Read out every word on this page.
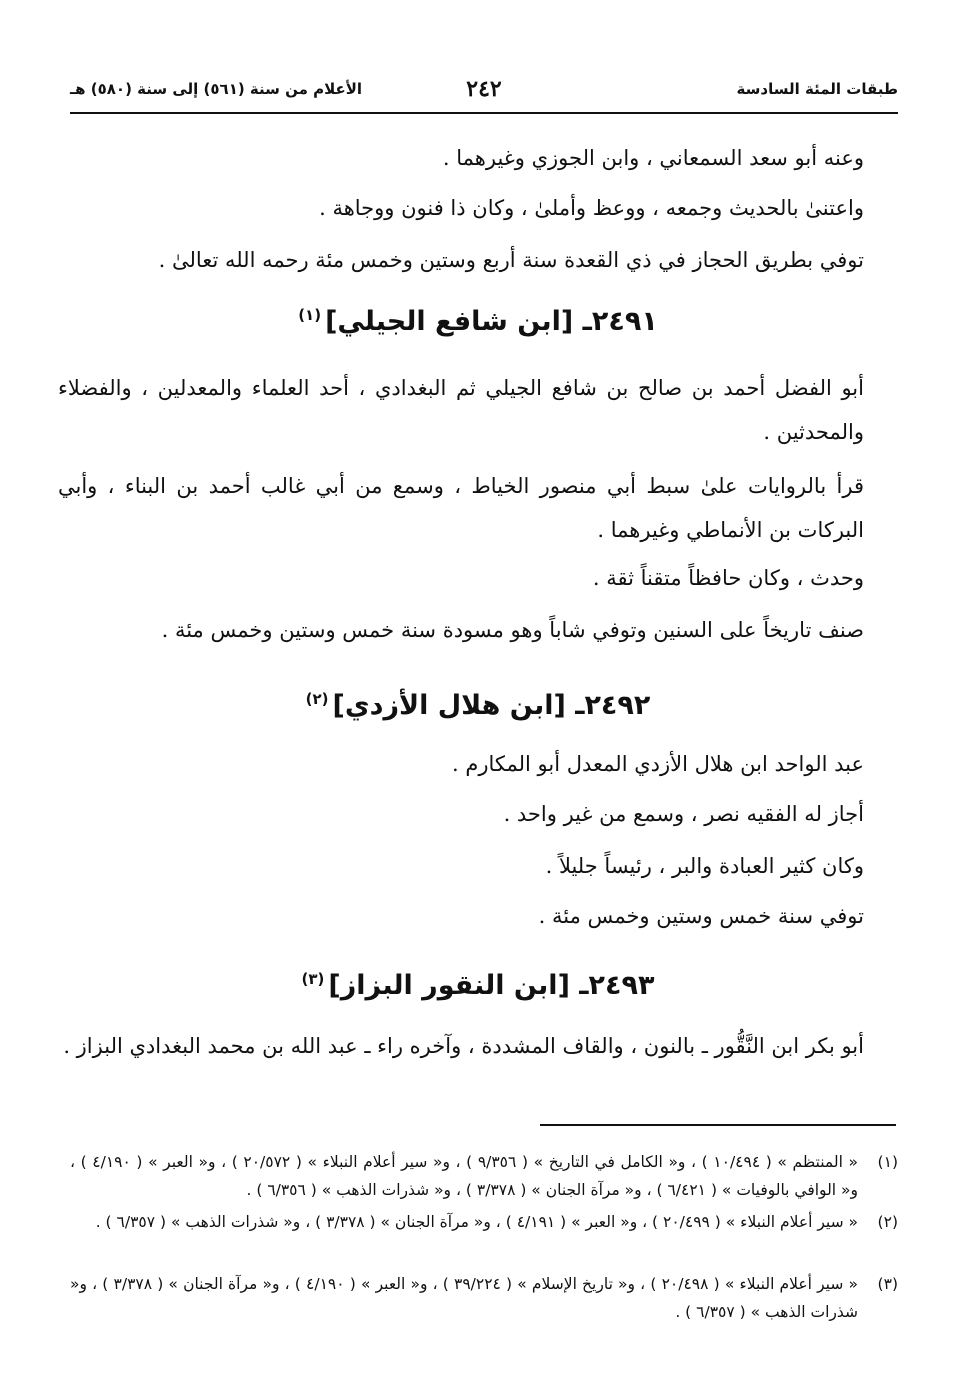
طبقات المئة السادسة
٢٤٢
الأعلام من سنة (٥٦١) إلى سنة (٥٨٠) هـ
وعنه أبو سعد السمعاني ، وابن الجوزي وغيرهما .
واعتنىٰ بالحديث وجمعه ، ووعظ وأملىٰ ، وكان ذا فنون ووجاهة .
توفي بطريق الحجاز في ذي القعدة سنة أربع وستين وخمس مئة رحمه الله تعالىٰ .
٢٤٩١ـ [ابن شافع الجيلي]$^{(١)}$
أبو الفضل أحمد بن صالح بن شافع الجيلي ثم البغدادي ، أحد العلماء والمعدلين ، والفضلاء والمحدثين .
قرأ بالروايات علىٰ سبط أبي منصور الخياط ، وسمع من أبي غالب أحمد بن البناء ، وأبي البركات بن الأنماطي وغيرهما .
وحدث ، وكان حافظاً متقناً ثقة .
صنف تاريخاً على السنين وتوفي شاباً وهو مسودة سنة خمس وستين وخمس مئة .
٢٤٩٢ـ [ابن هلال الأزدي]$^{(٢)}$
عبد الواحد ابن هلال الأزدي المعدل أبو المكارم .
أجاز له الفقيه نصر ، وسمع من غير واحد .
وكان كثير العبادة والبر ، رئيساً جليلاً .
توفي سنة خمس وستين وخمس مئة .
٢٤٩٣ـ [ابن النقور البزاز]$^{(٣)}$
أبو بكر ابن النَّقُّور ـ بالنون ، والقاف المشددة ، وآخره راء ـ عبد الله بن محمد البغدادي البزاز .
(١)
« المنتظم » ( ١٠/٤٩٤ ) ، و« الكامل في التاريخ » ( ٩/٣٥٦ ) ، و« سير أعلام النبلاء » ( ٢٠/٥٧٢ ) ، و« العبر » ( ٤/١٩٠ ) ، و« الوافي بالوفيات » ( ٦/٤٢١ ) ، و« مرآة الجنان » ( ٣/٣٧٨ ) ، و« شذرات الذهب » ( ٦/٣٥٦ ) .
(٢)
« سير أعلام النبلاء » ( ٢٠/٤٩٩ ) ، و« العبر » ( ٤/١٩١ ) ، و« مرآة الجنان » ( ٣/٣٧٨ ) ، و« شذرات الذهب » ( ٦/٣٥٧ ) .
(٣)
« سير أعلام النبلاء » ( ٢٠/٤٩٨ ) ، و« تاريخ الإسلام » ( ٣٩/٢٢٤ ) ، و« العبر » ( ٤/١٩٠ ) ، و« مرآة الجنان » ( ٣/٣٧٨ ) ، و« شذرات الذهب » ( ٦/٣٥٧ ) .
